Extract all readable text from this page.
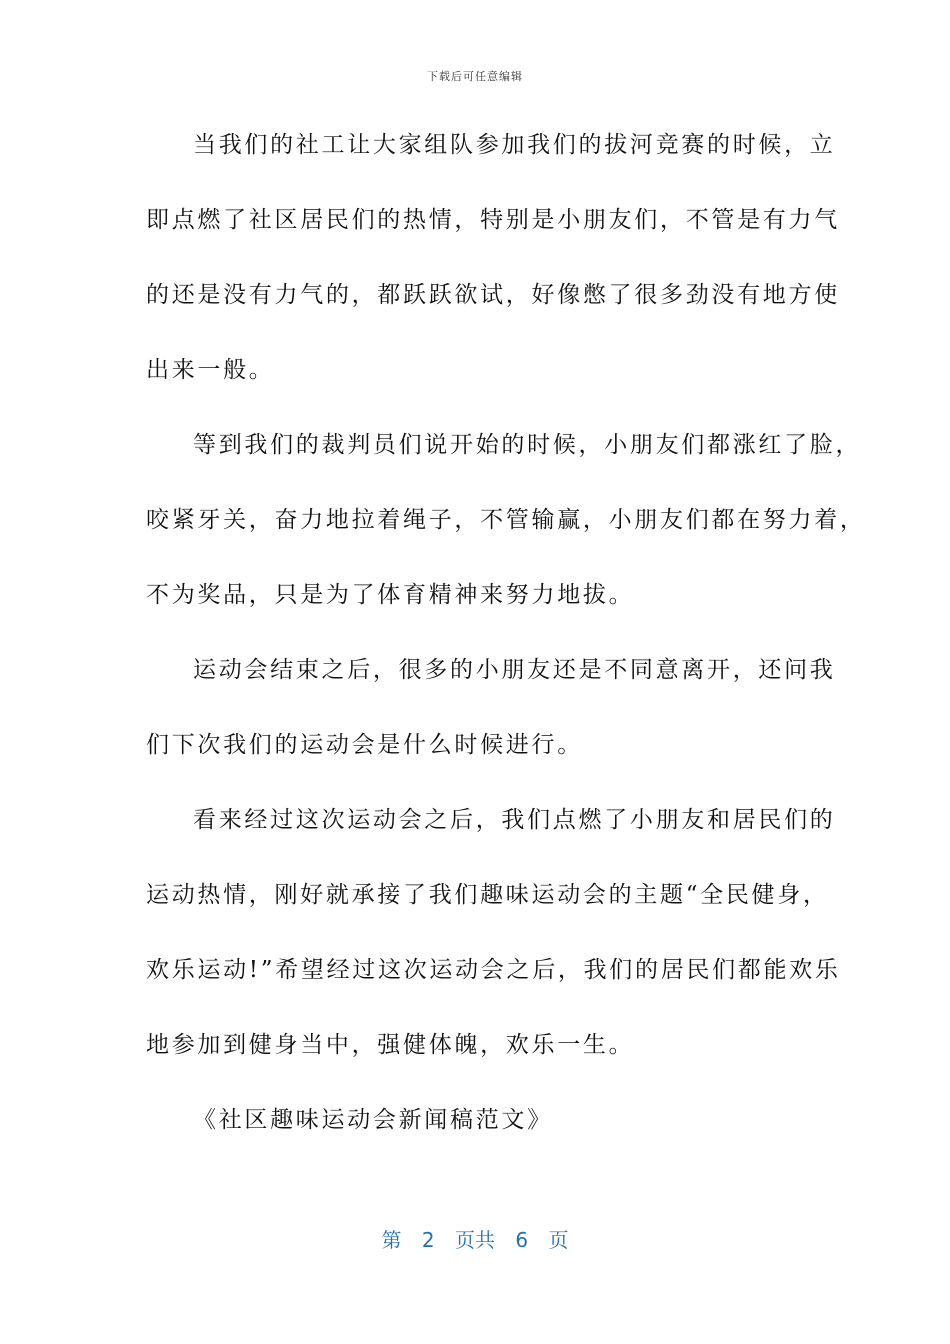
下载后可任意编辑
当我们的社工让大家组队参加我们的拔河竞赛的时候，立
即点燃了社区居民们的热情，特别是小朋友们，不管是有力气
的还是没有力气的，都跃跃欲试，好像憋了很多劲没有地方使
出来一般。
等到我们的裁判员们说开始的时候，小朋友们都涨红了脸，
咬紧牙关，奋力地拉着绳子，不管输赢，小朋友们都在努力着，
不为奖品，只是为了体育精神来努力地拔。
运动会结束之后，很多的小朋友还是不同意离开，还问我
们下次我们的运动会是什么时候进行。
看来经过这次运动会之后，我们点燃了小朋友和居民们的
运动热情，刚好就承接了我们趣味运动会的主题“全民健身，
欢乐运动!”希望经过这次运动会之后，我们的居民们都能欢乐
地参加到健身当中，强健体魄，欢乐一生。
《社区趣味运动会新闻稿范文》
第 2 页共 6 页
